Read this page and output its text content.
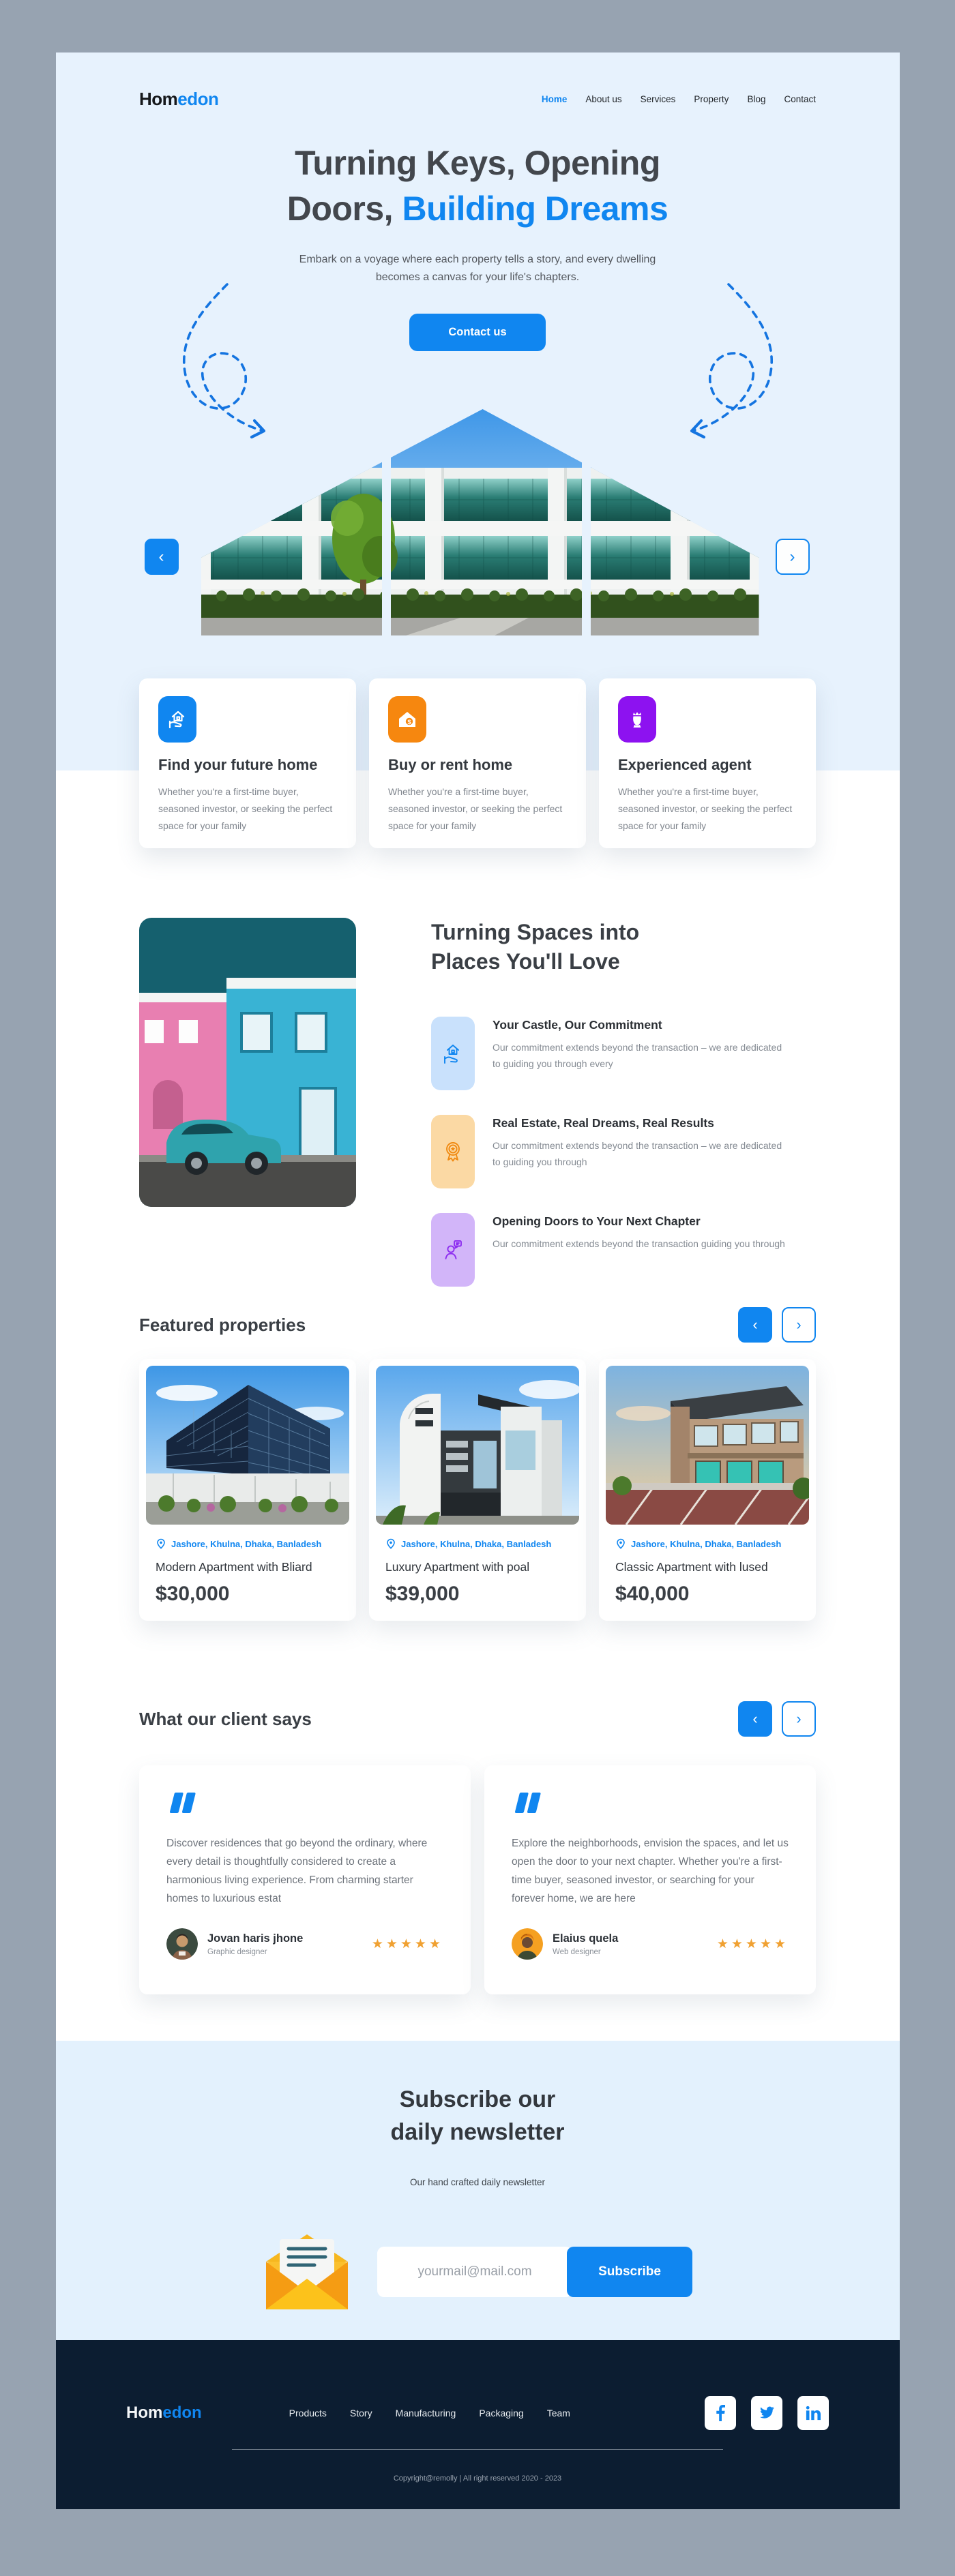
Homedon	Home About us Services Property Blog Contact
Turning Keys, Opening
Doors, Building Dreams

Embark on a voyage where each property tells a story, and every dwelling becomes a canvas for your life's chapters.

Contact us
‹	›
Find your future home
Whether you're a first-time buyer, seasoned investor, or seeking the perfect space for your family
$
Buy or rent home
Whether you're a first-time buyer, seasoned investor, or seeking the perfect space for your family
Experienced agent
Whether you're a first-time buyer, seasoned investor, or seeking the perfect space for your family
Turning Spaces into
Places You'll Love
Your Castle, Our Commitment
Our commitment extends beyond the transaction – we are dedicated to guiding you through every
Real Estate, Real Dreams, Real Results
Our commitment extends beyond the transaction – we are dedicated to guiding you through
Opening Doors to Your Next Chapter
Our commitment extends beyond the transaction guiding you through
Featured properties	‹	›
Jashore, Khulna, Dhaka, Banladesh
Modern Apartment with Bliard
$30,000
Jashore, Khulna, Dhaka, Banladesh
Luxury Apartment with poal
$39,000
Jashore, Khulna, Dhaka, Banladesh
Classic Apartment with lused
$40,000
What our client says	‹	›

Discover residences that go beyond the ordinary, where every detail is thoughtfully considered to create a harmonious living experience. From charming starter homes to luxurious estat

Jovan haris jhone
Graphic designer
★★★★★

Explore the neighborhoods, envision the spaces, and let us open the door to your next chapter. Whether you're a first-time buyer, seasoned investor, or searching for your forever home, we are here

Elaius quela
Web designer
★★★★★
Subscribe our
daily newsletter
Our hand crafted daily newsletter
yourmail@mail.com
Subscribe
Homedon	Products Story Manufacturing Packaging Team
Copyright@remolly | All right reserved 2020 - 2023
